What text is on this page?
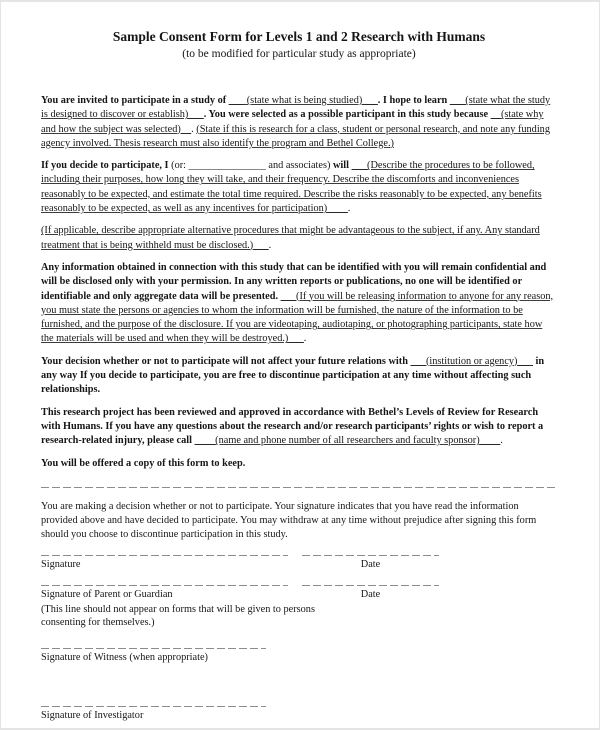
Sample Consent Form for Levels 1 and 2 Research with Humans
(to be modified for particular study as appropriate)

You are invited to participate in a study of ___ (state what is being studied)___. I hope to learn ___(state what the study is designed to discover or establish)___. You were selected as a possible participant in this study because __(state why and how the subject was selected)__. (State if this is research for a class, student or personal research, and note any funding agency involved. Thesis research must also identify the program and Bethel College.)

If you decide to participate, I (or: _______________ and associates) will ___(Describe the procedures to be followed, including their purposes, how long they will take, and their frequency. Describe the discomforts and inconveniences reasonably to be expected, and estimate the total time required. Describe the risks reasonably to be expected, any benefits reasonably to be expected, as well as any incentives for participation)____.

(If applicable, describe appropriate alternative procedures that might be advantageous to the subject, if any. Any standard treatment that is being withheld must be disclosed.)___.

Any information obtained in connection with this study that can be identified with you will remain confidential and will be disclosed only with your permission. In any written reports or publications, no one will be identified or identifiable and only aggregate data will be presented. ___(If you will be releasing information to anyone for any reason, you must state the persons or agencies to whom the information will be furnished, the nature of the information to be furnished, and the purpose of the disclosure. If you are videotaping, audiotaping, or photographing participants, state how the materials will be used and when they will be destroyed.)___.

Your decision whether or not to participate will not affect your future relations with ___(institution or agency)___ in any way If you decide to participate, you are free to discontinue participation at any time without affecting such relationships.

This research project has been reviewed and approved in accordance with Bethel’s Levels of Review for Research with Humans. If you have any questions about the research and/or research participants’ rights or wish to report a research-related injury, please call ____(name and phone number of all researchers and faculty sponsor)____.

You will be offered a copy of this form to keep.

You are making a decision whether or not to participate. Your signature indicates that you have read the information provided above and have decided to participate. You may withdraw at any time without prejudice after signing this form should you choose to discontinue participation in this study.

Signature	Date
Signature of Parent or Guardian	Date
(This line should not appear on forms that will be given to persons consenting for themselves.)
Signature of Witness (when appropriate)
Signature of Investigator
